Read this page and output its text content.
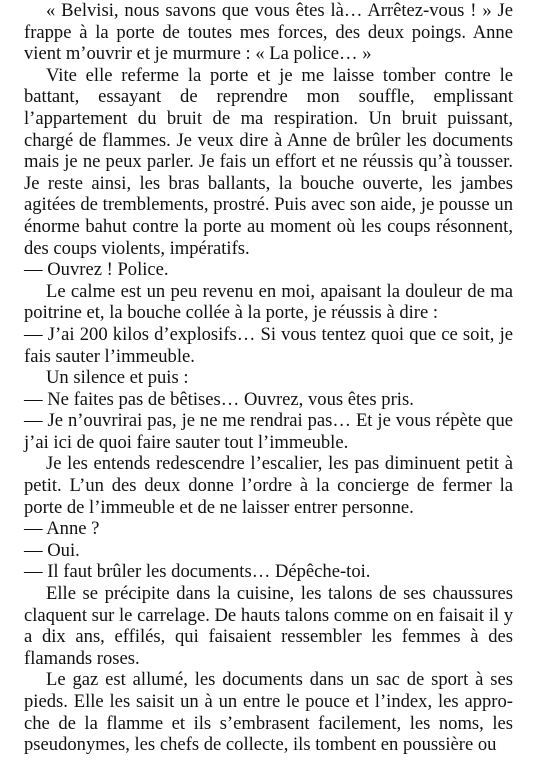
« Belvisi, nous savons que vous êtes là… Arrêtez-vous ! » Je frappe à la porte de toutes mes forces, des deux poings. Anne vient m’ouvrir et je murmure : « La police… »

Vite elle referme la porte et je me laisse tomber contre le battant, essayant de reprendre mon souffle, emplissant l’appartement du bruit de ma respiration. Un bruit puissant, chargé de flammes. Je veux dire à Anne de brûler les documents mais je ne peux parler. Je fais un effort et ne réussis qu’à tousser. Je reste ainsi, les bras ballants, la bouche ouverte, les jambes agitées de tremblements, prostré. Puis avec son aide, je pousse un énorme bahut contre la porte au moment où les coups résonnent, des coups violents, impératifs.

— Ouvrez ! Police.

Le calme est un peu revenu en moi, apaisant la douleur de ma poitrine et, la bouche collée à la porte, je réussis à dire :

— J’ai 200 kilos d’explosifs… Si vous tentez quoi que ce soit, je fais sauter l’immeuble.

Un silence et puis :

— Ne faites pas de bêtises… Ouvrez, vous êtes pris.

— Je n’ouvrirai pas, je ne me rendrai pas… Et je vous répète que j’ai ici de quoi faire sauter tout l’immeuble.

Je les entends redescendre l’escalier, les pas diminuent petit à petit. L’un des deux donne l’ordre à la concierge de fermer la porte de l’immeuble et de ne laisser entrer personne.

— Anne ?

— Oui.

— Il faut brûler les documents… Dépêche-toi.

Elle se précipite dans la cuisine, les talons de ses chaussures claquent sur le carrelage. De hauts talons comme on en faisait il y a dix ans, effilés, qui faisaient ressembler les femmes à des flamands roses.

Le gaz est allumé, les documents dans un sac de sport à ses pieds. Elle les saisit un à un entre le pouce et l’index, les approche de la flamme et ils s’embrasent facilement, les noms, les pseudonymes, les chefs de collecte, ils tombent en poussière ou
